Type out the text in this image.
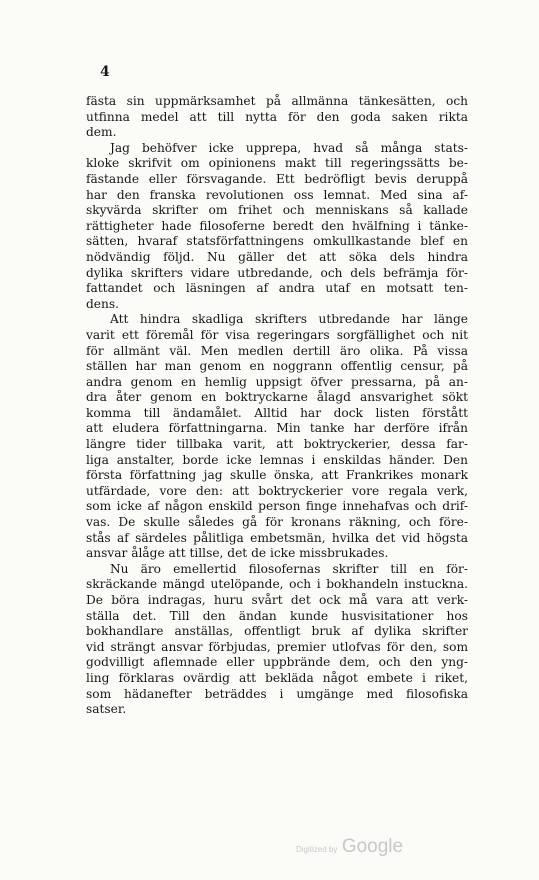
4
fästa sin uppmärksamhet på allmänna tänkesätten, och
utfinna medel att till nytta för den goda saken rikta
dem.
Jag behöfver icke upprepa, hvad så många stats-
kloke skrifvit om opinionens makt till regeringssätts be-
fästande eller försvagande. Ett bedröfligt bevis deruppå
har den franska revolutionen oss lemnat. Med sina af-
skyvärda skrifter om frihet och menniskans så kallade
rättigheter hade filosoferne beredt den hvälfning i tänke-
sätten, hvaraf statsförfattningens omkullkastande blef en
nödvändig följd. Nu gäller det att söka dels hindra
dylika skrifters vidare utbredande, och dels befrämja för-
fattandet och läsningen af andra utaf en motsatt ten-
dens.
Att hindra skadliga skrifters utbredande har länge
varit ett föremål för visa regeringars sorgfällighet och nit
för allmänt väl. Men medlen dertill äro olika. På vissa
ställen har man genom en noggrann offentlig censur, på
andra genom en hemlig uppsigt öfver pressarna, på an-
dra åter genom en boktryckarne ålagd ansvarighet sökt
komma till ändamålet. Alltid har dock listen förstått
att eludera författningarna. Min tanke har derföre ifrån
längre tider tillbaka varit, att boktryckerier, dessa far-
liga anstalter, borde icke lemnas i enskildas händer. Den
första författning jag skulle önska, att Frankrikes monark
utfärdade, vore den: att boktryckerier vore regala verk,
som icke af någon enskild person finge innehafvas och drif-
vas. De skulle således gå för kronans räkning, och före-
stås af särdeles pålitliga embetsmän, hvilka det vid högsta
ansvar ålåge att tillse, det de icke missbrukades.
Nu äro emellertid filosofernas skrifter till en för-
skräckande mängd utelöpande, och i bokhandeln instuckna.
De böra indragas, huru svårt det ock må vara att verk-
ställa det. Till den ändan kunde husvisitationer hos
bokhandlare anställas, offentligt bruk af dylika skrifter
vid strängt ansvar förbjudas, premier utlofvas för den, som
godvilligt aflemnade eller uppbrände dem, och den yng-
ling förklaras ovärdig att bekläda något embete i riket,
som hädanefter beträddes i umgänge med filosofiska
satser.
Digitized by Google
